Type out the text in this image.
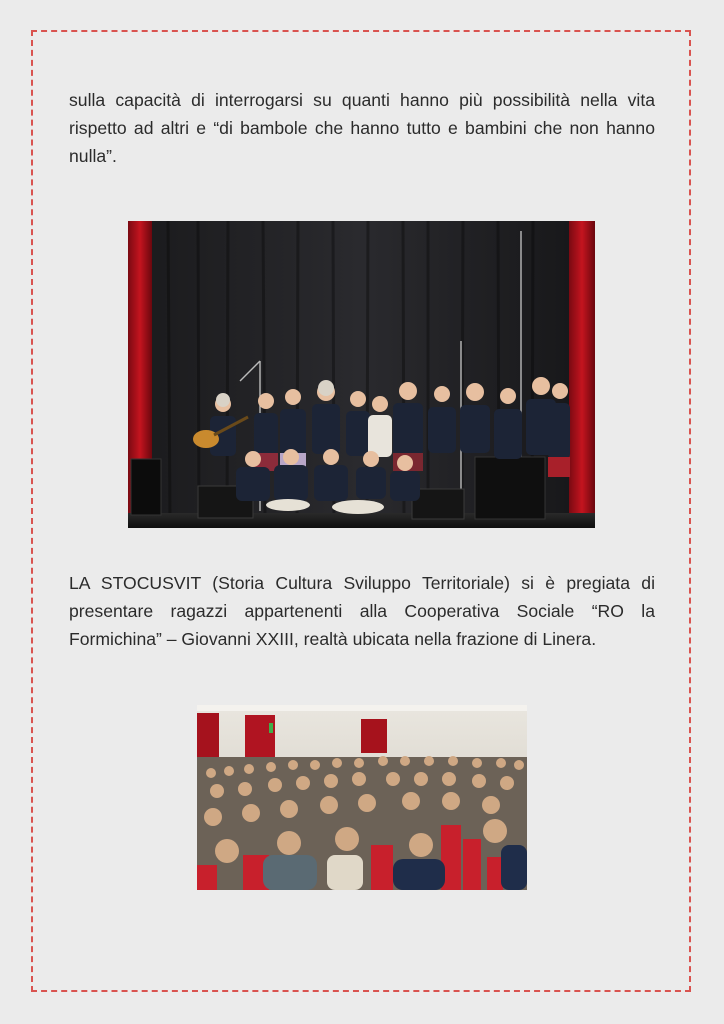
sulla capacità di interrogarsi su quanti hanno più possibilità nella vita rispetto ad altri e “di bambole che hanno tutto e bambini che non hanno nulla”.

LA STOCUSVIT (Storia Cultura Sviluppo Territoriale) si è pregiata di presentare ragazzi appartenenti alla Cooperativa Sociale “RO la Formichina” – Giovanni XXIII, realtà ubicata nella frazione di Linera.
